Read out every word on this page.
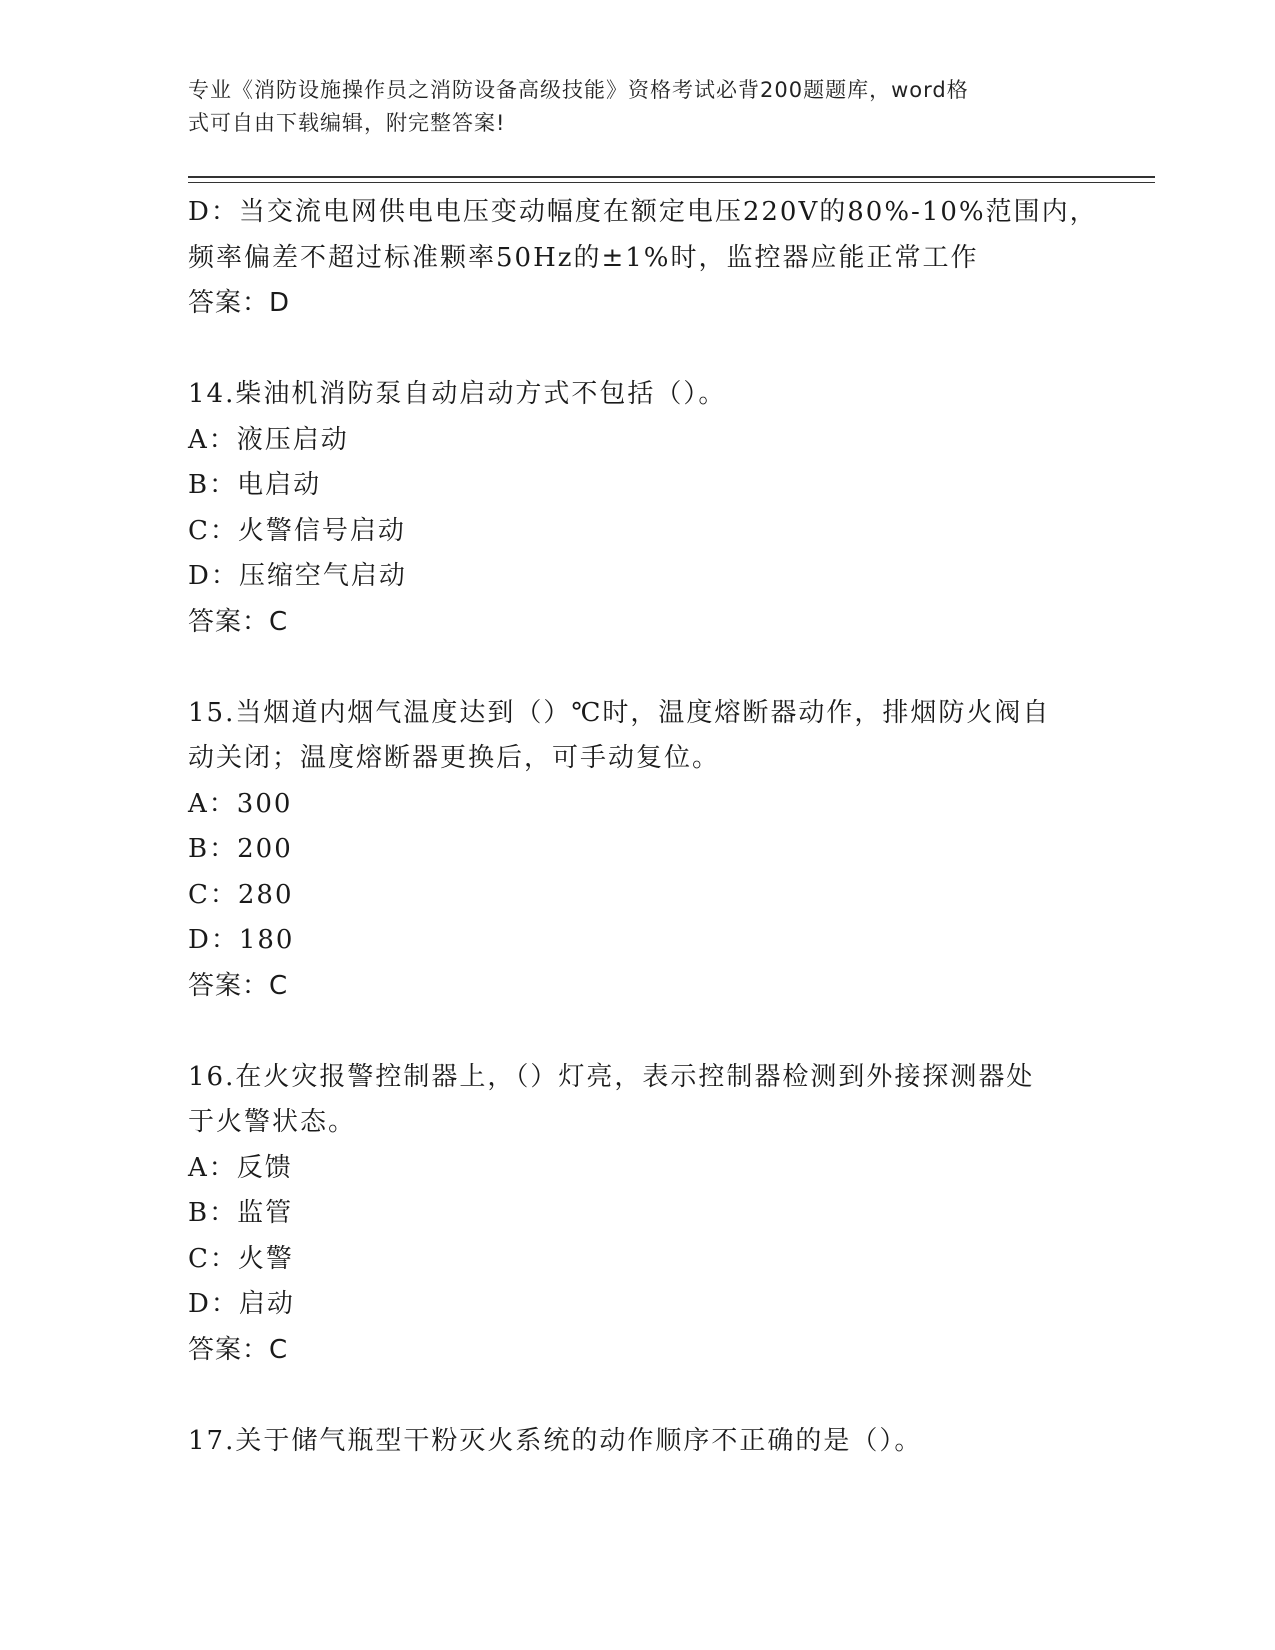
专业《消防设施操作员之消防设备高级技能》资格考试必背200题题库，word格
式可自由下载编辑，附完整答案!
D：当交流电网供电电压变动幅度在额定电压220V的80%-10%范围内，
频率偏差不超过标准颗率50Hz的±1%时，监控器应能正常工作
答案：D
14.柴油机消防泵自动启动方式不包括（）。
A：液压启动
B：电启动
C：火警信号启动
D：压缩空气启动
答案：C
15.当烟道内烟气温度达到（）℃时，温度熔断器动作，排烟防火阀自
动关闭；温度熔断器更换后，可手动复位。
A：300
B：200
C：280
D：180
答案：C
16.在火灾报警控制器上，（）灯亮，表示控制器检测到外接探测器处
于火警状态。
A：反馈
B：监管
C：火警
D：启动
答案：C
17.关于储气瓶型干粉灭火系统的动作顺序不正确的是（）。
